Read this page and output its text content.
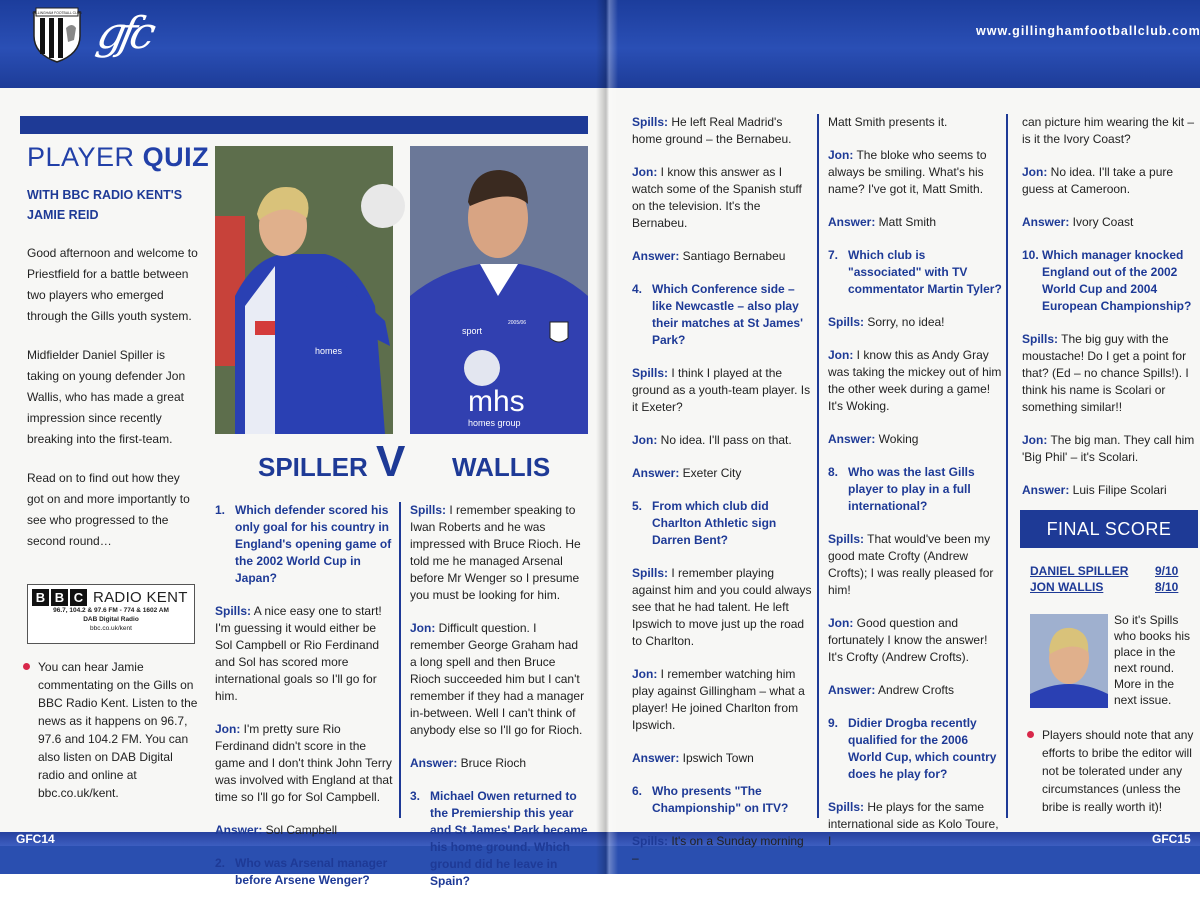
GILLINGHAM FOOTBALL CLUB gfc	www.gillinghamfootballclub.com
GFC14	GFC15
PLAYER QUIZ
WITH BBC RADIO KENT'S
JAMIE REID

Good afternoon and welcome to Priestfield for a battle between two players who emerged through the Gills youth system.

Midfielder Daniel Spiller is taking on young defender Jon Wallis, who has made a great impression since recently breaking into the first-team.

Read on to find out how they got on and more importantly to see who progressed to the second round…

B B C RADIO KENT
96.7, 104.2 & 97.6 FM - 774 & 1602 AM
DAB Digital Radio
bbc.co.uk/kent
You can hear Jamie commentating on the Gills on BBC Radio Kent. Listen to the news as it happens on 96.7, 97.6 and 104.2 FM. You can also listen on DAB Digital radio and online at bbc.co.uk/kent.
homes
mhs
homes group
sport
2005/06
SPILLER V WALLIS
1. Which defender scored his only goal for his country in England's opening game of the 2002 World Cup in Japan?
Spills: A nice easy one to start! I'm guessing it would either be Sol Campbell or Rio Ferdinand and Sol has scored more international goals so I'll go for him.
Jon: I'm pretty sure Rio Ferdinand didn't score in the game and I don't think John Terry was involved with England at that time so I'll go for Sol Campbell.
Answer: Sol Campbell
2. Who was Arsenal manager before Arsene Wenger?
Spills: I remember speaking to Iwan Roberts and he was impressed with Bruce Rioch. He told me he managed Arsenal before Mr Wenger so I presume you must be looking for him.
Jon: Difficult question. I remember George Graham had a long spell and then Bruce Rioch succeeded him but I can't remember if they had a manager in-between. Well I can't think of anybody else so I'll go for Rioch.
Answer: Bruce Rioch
3. Michael Owen returned to the Premiership this year and St James' Park became his home ground. Which ground did he leave in Spain?
Spills: He left Real Madrid's home ground – the Bernabeu.
Jon: I know this answer as I watch some of the Spanish stuff on the television. It's the Bernabeu.
Answer: Santiago Bernabeu
4. Which Conference side – like Newcastle – also play their matches at St James' Park?
Spills: I think I played at the ground as a youth-team player. Is it Exeter?
Jon: No idea. I'll pass on that.
Answer: Exeter City
5. From which club did Charlton Athletic sign Darren Bent?
Spills: I remember playing against him and you could always see that he had talent. He left Ipswich to move just up the road to Charlton.
Jon: I remember watching him play against Gillingham – what a player! He joined Charlton from Ipswich.
Answer: Ipswich Town
6. Who presents "The Championship" on ITV?
Spills: It's on a Sunday morning –
Matt Smith presents it.
Jon: The bloke who seems to always be smiling. What's his name? I've got it, Matt Smith.
Answer: Matt Smith
7. Which club is "associated" with TV commentator Martin Tyler?
Spills: Sorry, no idea!
Jon: I know this as Andy Gray was taking the mickey out of him the other week during a game! It's Woking.
Answer: Woking
8. Who was the last Gills player to play in a full international?
Spills: That would've been my good mate Crofty (Andrew Crofts); I was really pleased for him!
Jon: Good question and fortunately I know the answer! It's Crofty (Andrew Crofts).
Answer: Andrew Crofts
9. Didier Drogba recently qualified for the 2006 World Cup, which country does he play for?
Spills: He plays for the same international side as Kolo Toure, I
can picture him wearing the kit – is it the Ivory Coast?
Jon: No idea. I'll take a pure guess at Cameroon.
Answer: Ivory Coast
10. Which manager knocked England out of the 2002 World Cup and 2004 European Championship?
Spills: The big guy with the moustache! Do I get a point for that? (Ed – no chance Spills!). I think his name is Scolari or something similar!!
Jon: The big man. They call him 'Big Phil' – it's Scolari.
Answer: Luis Filipe Scolari
FINAL SCORE
DANIEL SPILLER 9/10
JON WALLIS	8/10
So it's Spills who books his place in the next round. More in the next issue.
Players should note that any efforts to bribe the editor will not be tolerated under any circumstances (unless the bribe is really worth it)!
